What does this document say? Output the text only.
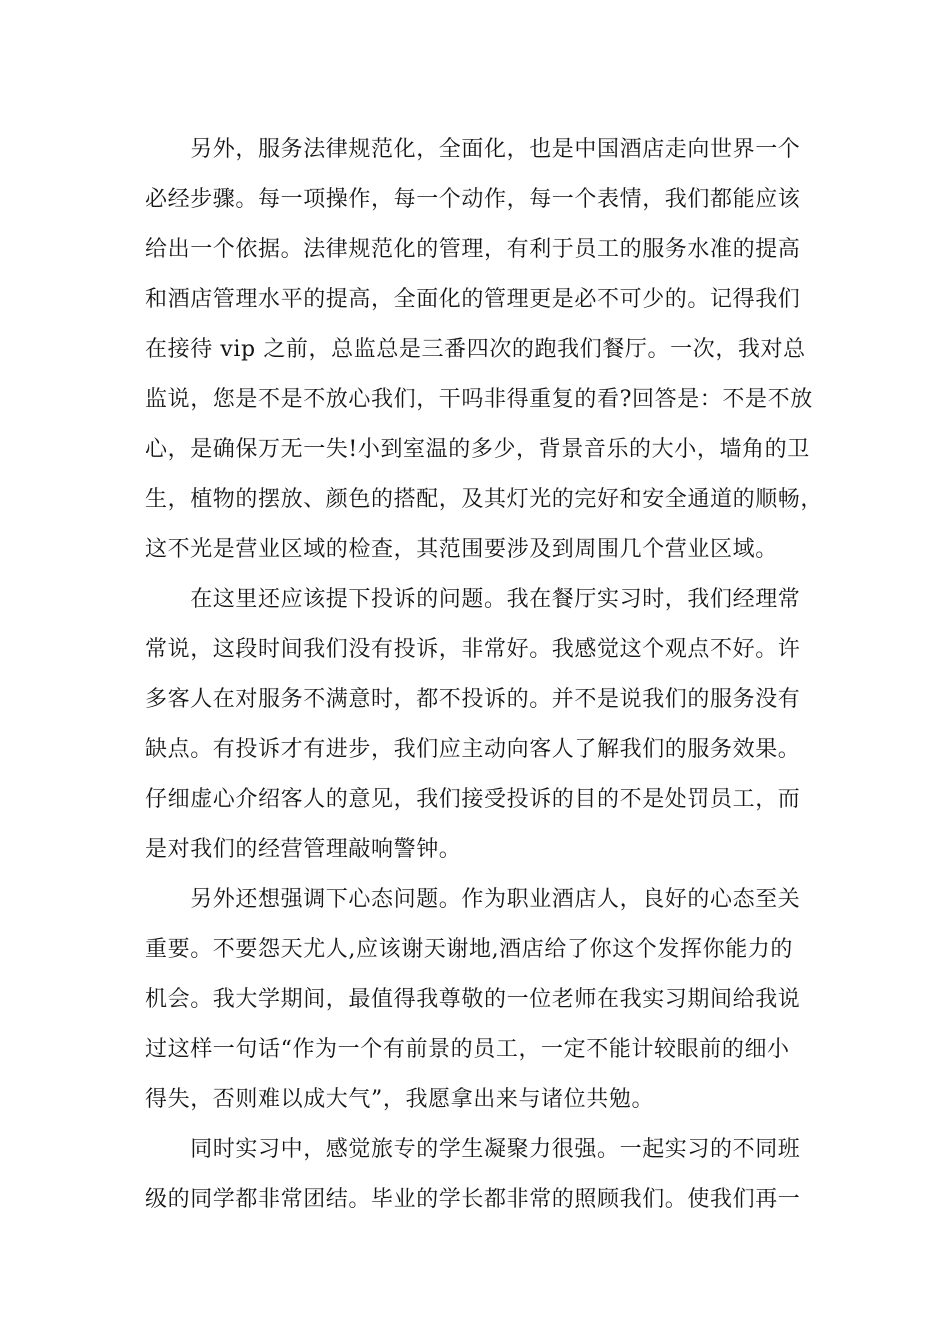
　　另外，服务法律规范化，全面化，也是中国酒店走向世界一个

必经步骤。每一项操作，每一个动作，每一个表情，我们都能应该

给出一个依据。法律规范化的管理，有利于员工的服务水准的提高

和酒店管理水平的提高，全面化的管理更是必不可少的。记得我们

在接待 vip 之前，总监总是三番四次的跑我们餐厅。一次，我对总

监说，您是不是不放心我们，干吗非得重复的看?回答是：不是不放

心，是确保万无一失!小到室温的多少，背景音乐的大小，墙角的卫

生，植物的摆放、颜色的搭配，及其灯光的完好和安全通道的顺畅，

这不光是营业区域的检查，其范围要涉及到周围几个营业区域。

　　在这里还应该提下投诉的问题。我在餐厅实习时，我们经理常

常说，这段时间我们没有投诉，非常好。我感觉这个观点不好。许

多客人在对服务不满意时，都不投诉的。并不是说我们的服务没有

缺点。有投诉才有进步，我们应主动向客人了解我们的服务效果。

仔细虚心介绍客人的意见，我们接受投诉的目的不是处罚员工，而

是对我们的经营管理敲响警钟。

　　另外还想强调下心态问题。作为职业酒店人，良好的心态至关

重要。不要怨天尤人,应该谢天谢地,酒店给了你这个发挥你能力的

机会。我大学期间，最值得我尊敬的一位老师在我实习期间给我说

过这样一句话“作为一个有前景的员工，一定不能计较眼前的细小

得失，否则难以成大气”，我愿拿出来与诸位共勉。

　　同时实习中，感觉旅专的学生凝聚力很强。一起实习的不同班

级的同学都非常团结。毕业的学长都非常的照顾我们。使我们再一
